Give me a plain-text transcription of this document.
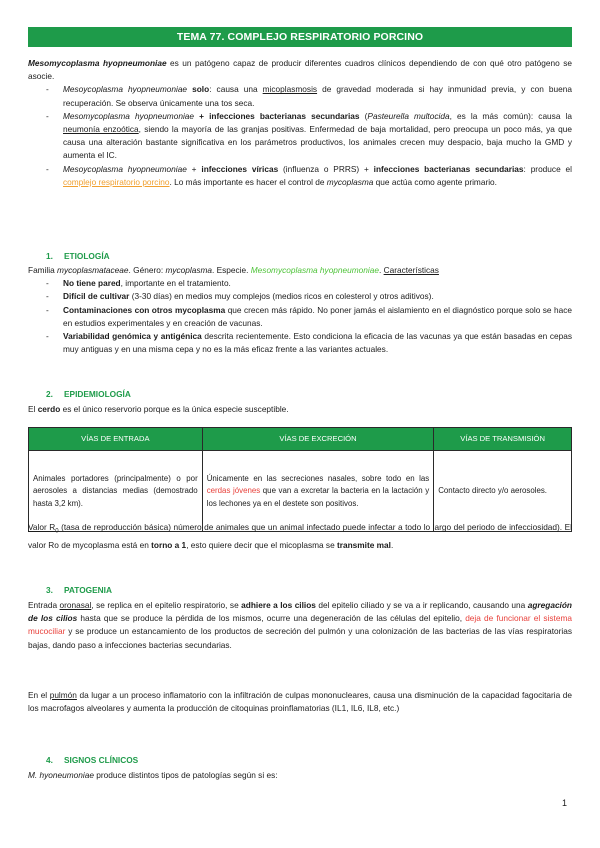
TEMA 77. COMPLEJO RESPIRATORIO PORCINO

Mesomycoplasma hyopneumoniae es un patógeno capaz de producir diferentes cuadros clínicos dependiendo de con qué otro patógeno se asocie.

- Mesoycoplasma hyopneumoniae solo: causa una micoplasmosis de gravedad moderada si hay inmunidad previa, y con buena recuperación. Se observa únicamente una tos seca.
- Mesomycoplasma hyopneumoniae + infecciones bacterianas secundarias (Pasteurella multocida, es la más común): causa la neumonía enzoótica, siendo la mayoría de las granjas positivas. Enfermedad de baja mortalidad, pero preocupa un poco más, ya que causa una alteración bastante significativa en los parámetros productivos, los animales crecen muy despacio, baja mucho la GMD y aumenta el IC.
- Mesoycoplasma hyopneumoniae + infecciones víricas (influenza o PRRS) + infecciones bacterianas secundarias: produce el complejo respiratorio porcino. Lo más importante es hacer el control de mycoplasma que actúa como agente primario.
1. ETIOLOGÍA

Familia mycoplasmataceae. Género: mycoplasma. Especie. Mesomycoplasma hyopneumoniae. Características

- No tiene pared, importante en el tratamiento.
- Difícil de cultivar (3-30 días) en medios muy complejos (medios ricos en colesterol y otros aditivos).
- Contaminaciones con otros mycoplasma que crecen más rápido. No poner jamás el aislamiento en el diagnóstico porque solo se hace en estudios experimentales y en creación de vacunas.
- Variabilidad genómica y antigénica descrita recientemente. Esto condiciona la eficacia de las vacunas ya que están basadas en cepas muy antiguas y en una misma cepa y no es la más eficaz frente a las variantes actuales.
2. EPIDEMIOLOGÍA

El cerdo es el único reservorio porque es la única especie susceptible.

VÍAS DE ENTRADA	VÍAS DE EXCRECIÓN	VÍAS DE TRANSMISIÓN
Animales portadores (principalmente) o por aerosoles a distancias medias (demostrado hasta 3,2 km).	Únicamente en las secreciones nasales, sobre todo en las cerdas jóvenes que van a excretar la bacteria en la lactación y los lechones ya en el destete son positivos.	Contacto directo y/o aerosoles.

Valor $R_0$ (tasa de reproducción básica) número de animales que un animal infectado puede infectar a todo lo largo del periodo de infecciosidad). El valor Ro de mycoplasma está en torno a 1, esto quiere decir que el micoplasma se transmite mal.

3. PATOGENIA

Entrada oronasal, se replica en el epitelio respiratorio, se adhiere a los cilios del epitelio ciliado y se va a ir replicando, causando una agregación de los cilios hasta que se produce la pérdida de los mismos, ocurre una degeneración de las células del epitelio, deja de funcionar el sistema mucociliar y se produce un estancamiento de los productos de secreción del pulmón y una colonización de las bacterias de las vías respiratorias bajas, dando paso a infecciones bacterias secundarias.

En el pulmón da lugar a un proceso inflamatorio con la infiltración de culpas mononucleares, causa una disminución de la capacidad fagocitaria de los macrofagos alveolares y aumenta la producción de citoquinas proinflamatorias (IL1, IL6, IL8, etc.)

4. SIGNOS CLÍNICOS

M. hyoneumoniae produce distintos tipos de patologías según si es:

1
